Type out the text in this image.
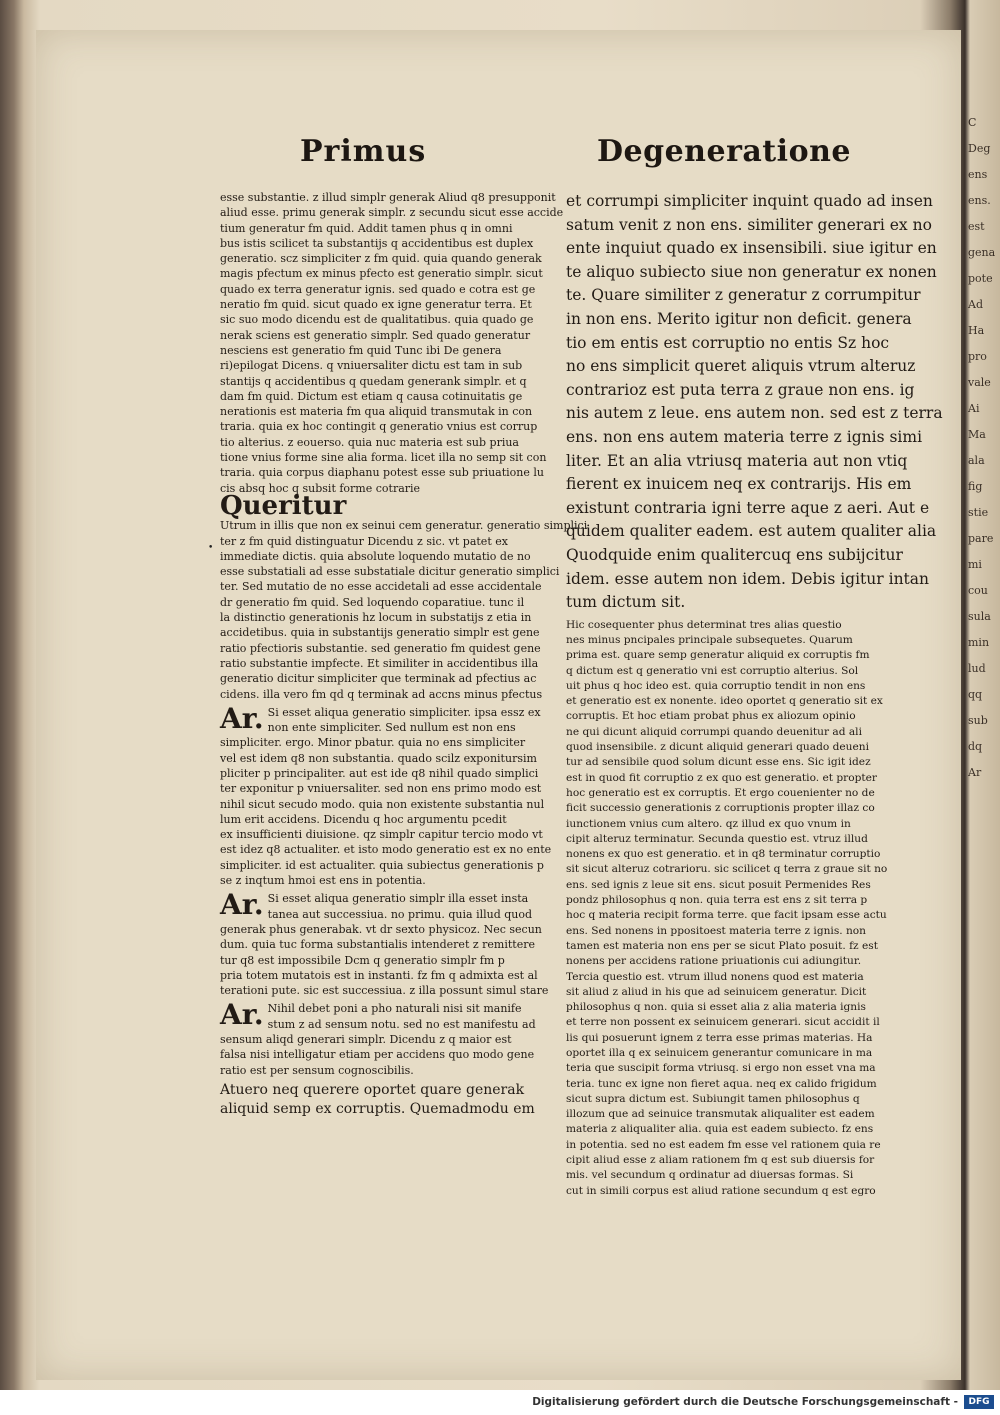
C
Deg
ens
ens.
est
gena
pote
Ad
Ha
pro
vale
Ai
Ma
ala
fig
stie
pare
mi
cou
sula
min
lud
qq
sub
dq
Ar
Primus	Degeneratione
esse substantie. z illud simplr generak Aliud q8 presupponit
aliud esse. primu generak simplr. z secundu sicut esse accide
tium generatur fm quid. Addit tamen phus q in omni
bus istis scilicet ta substantijs q accidentibus est duplex
generatio. scz simpliciter z fm quid. quia quando generak
magis pfectum ex minus pfecto est generatio simplr. sicut
quado ex terra generatur ignis. sed quado e cotra est ge
neratio fm quid. sicut quado ex igne generatur terra. Et
sic suo modo dicendu est de qualitatibus. quia quado ge
nerak sciens est generatio simplr. Sed quado generatur
nesciens est generatio fm quid Tunc ibi De genera
ri)epilogat Dicens. q vniuersaliter dictu est tam in sub
stantijs q accidentibus q quedam generank simplr. et q
dam fm quid. Dictum est etiam q causa cotinuitatis ge
nerationis est materia fm qua aliquid transmutak in con
traria. quia ex hoc contingit q generatio vnius est corrup
tio alterius. z eouerso. quia nuc materia est sub priua
tione vnius forme sine alia forma. licet illa no semp sit con
traria. quia corpus diaphanu potest esse sub priuatione lu
cis absq hoc q subsit forme cotrarie
Queritur Utrum in illis que non ex seinui cem generatur. generatio simplici
ter z fm quid distinguatur Dicendu z sic. vt patet ex
immediate dictis. quia absolute loquendo mutatio de no
esse substatiali ad esse substatiale dicitur generatio simplici
ter. Sed mutatio de no esse accidetali ad esse accidentale
dr generatio fm quid. Sed loquendo coparatiue. tunc il
la distinctio generationis hz locum in substatijs z etia in
accidetibus. quia in substantijs generatio simplr est gene
ratio pfectioris substantie. sed generatio fm quidest gene
ratio substantie impfecte. Et similiter in accidentibus illa
generatio dicitur simpliciter que terminak ad pfectius ac
cidens. illa vero fm qd q terminak ad accns minus pfectus
Ar. Si esset aliqua generatio simpliciter. ipsa essz ex
non ente simpliciter. Sed nullum est non ens
simpliciter. ergo. Minor pbatur. quia no ens simpliciter
vel est idem q8 non substantia. quado scilz exponitursim
pliciter p principaliter. aut est ide q8 nihil quado simplici
ter exponitur p vniuersaliter. sed non ens primo modo est
nihil sicut secudo modo. quia non existente substantia nul
lum erit accidens. Dicendu q hoc argumentu pcedit
ex insufficienti diuisione. qz simplr capitur tercio modo vt
est idez q8 actualiter. et isto modo generatio est ex no ente
simpliciter. id est actualiter. quia subiectus generationis p
se z inqtum hmoi est ens in potentia.
Ar. Si esset aliqua generatio simplr illa esset insta
tanea aut successiua. no primu. quia illud quod
generak phus generabak. vt dr sexto physicoz. Nec secun
dum. quia tuc forma substantialis intenderet z remittere
tur q8 est impossibile Dcm q generatio simplr fm p
pria totem mutatois est in instanti. fz fm q admixta est al
terationi pute. sic est successiua. z illa possunt simul stare
Ar. Nihil debet poni a pho naturali nisi sit manife
stum z ad sensum notu. sed no est manifestu ad
sensum aliqd generari simplr. Dicendu z q maior est
falsa nisi intelligatur etiam per accidens quo modo gene
ratio est per sensum cognoscibilis.
Atuero neq querere oportet quare generak
aliquid semp ex corruptis. Quemadmodu em
•
et corrumpi simpliciter inquint quado ad insen
satum venit z non ens. similiter generari ex no
ente inquiut quado ex insensibili. siue igitur en
te aliquo subiecto siue non generatur ex nonen
te. Quare similiter z generatur z corrumpitur
in non ens. Merito igitur non deficit. genera
tio em entis est corruptio no entis Sz hoc
no ens simplicit queret aliquis vtrum alteruz
contrarioz est puta terra z graue non ens. ig
nis autem z leue. ens autem non. sed est z terra
ens. non ens autem materia terre z ignis simi
liter. Et an alia vtriusq materia aut non vtiq
fierent ex inuicem neq ex contrarijs. His em
existunt contraria igni terre aque z aeri. Aut e
quidem qualiter eadem. est autem qualiter alia
Quodquide enim qualitercuq ens subijcitur
idem. esse autem non idem. Debis igitur intan
tum dictum sit.
Hic cosequenter phus determinat tres alias questio
nes minus pncipales principale subsequetes. Quarum
prima est. quare semp generatur aliquid ex corruptis fm
q dictum est q generatio vni est corruptio alterius. Sol
uit phus q hoc ideo est. quia corruptio tendit in non ens
et generatio est ex nonente. ideo oportet q generatio sit ex
corruptis. Et hoc etiam probat phus ex aliozum opinio
ne qui dicunt aliquid corrumpi quando deuenitur ad ali
quod insensibile. z dicunt aliquid generari quado deueni
tur ad sensibile quod solum dicunt esse ens. Sic igit idez
est in quod fit corruptio z ex quo est generatio. et propter
hoc generatio est ex corruptis. Et ergo couenienter no de
ficit successio generationis z corruptionis propter illaz co
iunctionem vnius cum altero. qz illud ex quo vnum in
cipit alteruz terminatur. Secunda questio est. vtruz illud
nonens ex quo est generatio. et in q8 terminatur corruptio
sit sicut alteruz cotrarioru. sic scilicet q terra z graue sit no
ens. sed ignis z leue sit ens. sicut posuit Permenides Res
pondz philosophus q non. quia terra est ens z sit terra p
hoc q materia recipit forma terre. que facit ipsam esse actu
ens. Sed nonens in ppositoest materia terre z ignis. non
tamen est materia non ens per se sicut Plato posuit. fz est
nonens per accidens ratione priuationis cui adiungitur.
Tercia questio est. vtrum illud nonens quod est materia
sit aliud z aliud in his que ad seinuicem generatur. Dicit
philosophus q non. quia si esset alia z alia materia ignis
et terre non possent ex seinuicem generari. sicut accidit il
lis qui posuerunt ignem z terra esse primas materias. Ha
oportet illa q ex seinuicem generantur comunicare in ma
teria que suscipit forma vtriusq. si ergo non esset vna ma
teria. tunc ex igne non fieret aqua. neq ex calido frigidum
sicut supra dictum est. Subiungit tamen philosophus q
illozum que ad seinuice transmutak aliqualiter est eadem
materia z aliqualiter alia. quia est eadem subiecto. fz ens
in potentia. sed no est eadem fm esse vel rationem quia re
cipit aliud esse z aliam rationem fm q est sub diuersis for
mis. vel secundum q ordinatur ad diuersas formas. Si
cut in simili corpus est aliud ratione secundum q est egro
Digitalisierung gefördert durch die Deutsche Forschungsgemeinschaft -	DFG
